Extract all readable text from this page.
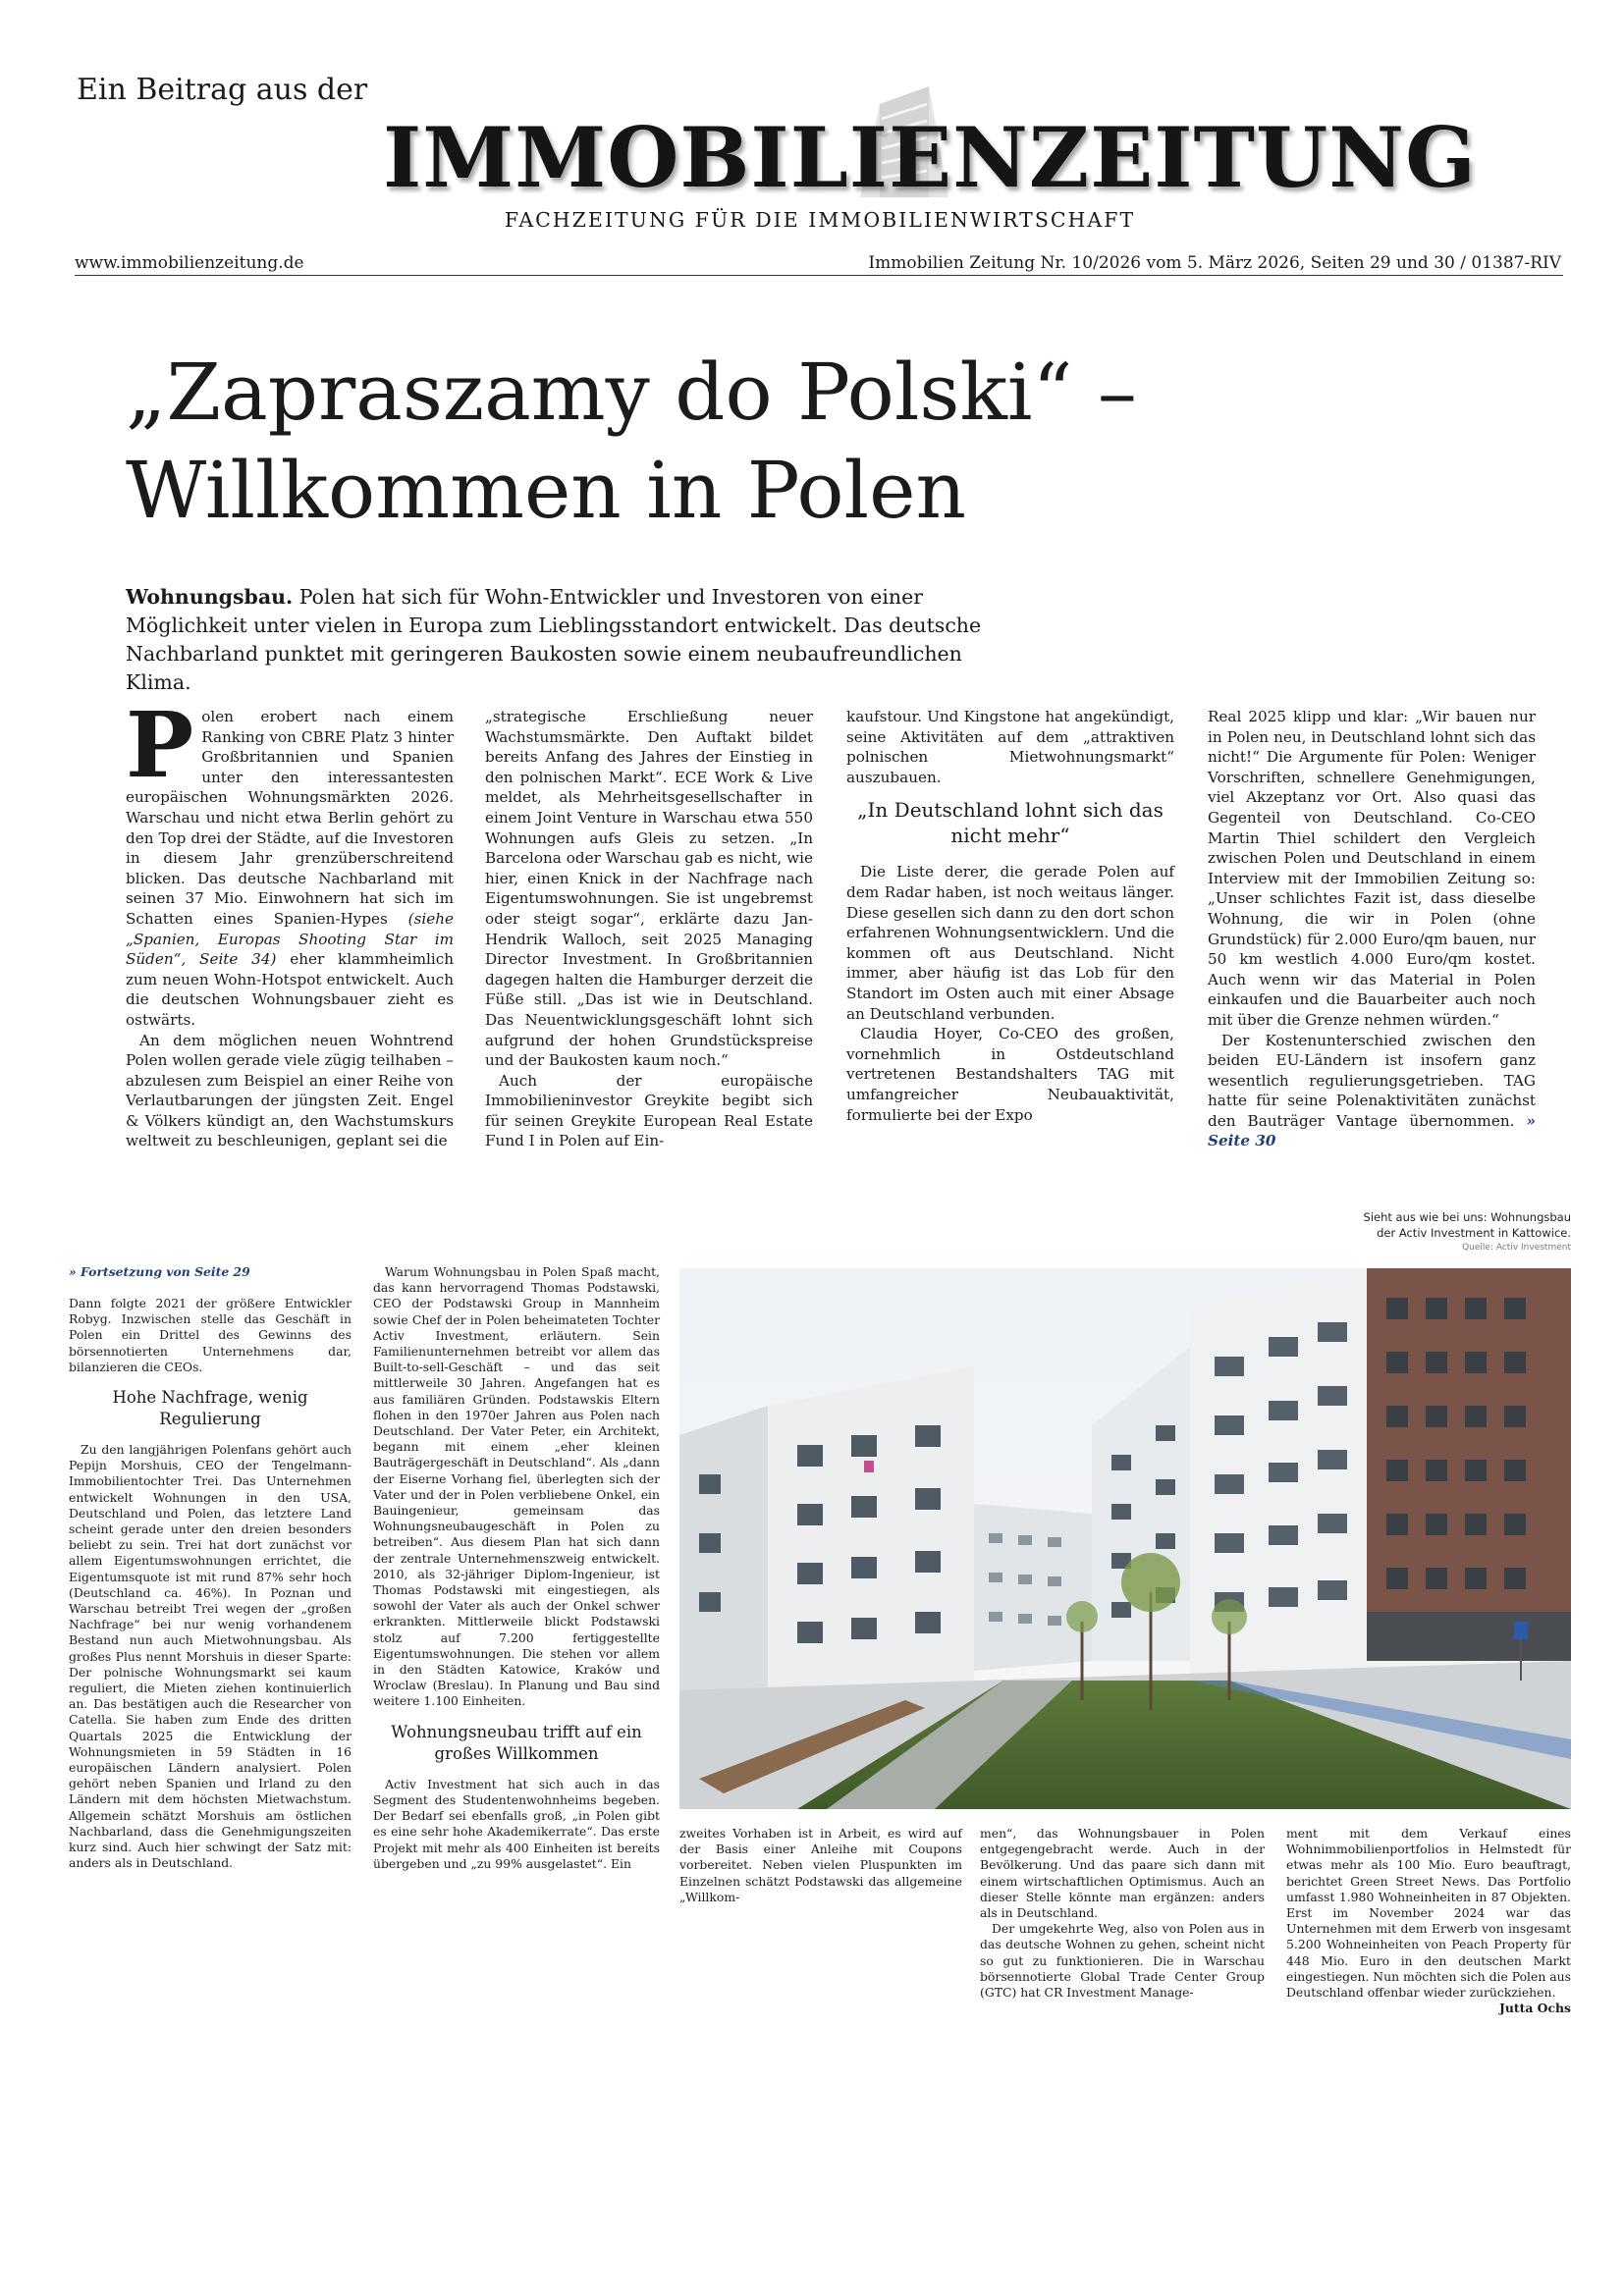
Ein Beitrag aus der
IMMOBILIENZEITUNG
FACHZEITUNG FÜR DIE IMMOBILIENWIRTSCHAFT
www.immobilienzeitung.de	Immobilien Zeitung Nr. 10/2026 vom 5. März 2026, Seiten 29 und 30 / 01387-RIV
„Zapraszamy do Polski“ –
Willkommen in Polen
Wohnungsbau. Polen hat sich für Wohn-Entwickler und Investoren von einer Möglichkeit unter vielen in Europa zum Lieblingsstandort entwickelt. Das deutsche Nachbarland punktet mit geringeren Baukosten sowie einem neubaufreundlichen Klima.

Polen erobert nach einem Ranking von CBRE Platz 3 hinter Großbritannien und Spanien unter den interessantesten europäischen Wohnungsmärkten 2026. Warschau und nicht etwa Berlin gehört zu den Top drei der Städte, auf die Investoren in diesem Jahr grenzüberschreitend blicken. Das deutsche Nachbarland mit seinen 37 Mio. Einwohnern hat sich im Schatten eines Spanien-Hypes (siehe „Spanien, Europas Shooting Star im Süden“, Seite 34) eher klammheimlich zum neuen Wohn-Hotspot entwickelt. Auch die deutschen Wohnungsbauer zieht es ostwärts.

An dem möglichen neuen Wohntrend Polen wollen gerade viele zügig teilhaben – abzulesen zum Beispiel an einer Reihe von Verlautbarungen der jüngsten Zeit. Engel & Völkers kündigt an, den Wachstumskurs weltweit zu beschleunigen, geplant sei die

„strategische Erschließung neuer Wachstumsmärkte. Den Auftakt bildet bereits Anfang des Jahres der Einstieg in den polnischen Markt“. ECE Work & Live meldet, als Mehrheitsgesellschafter in einem Joint Venture in Warschau etwa 550 Wohnungen aufs Gleis zu setzen. „In Barcelona oder Warschau gab es nicht, wie hier, einen Knick in der Nachfrage nach Eigentumswohnungen. Sie ist ungebremst oder steigt sogar“, erklärte dazu Jan-Hendrik Walloch, seit 2025 Managing Director Investment. In Großbritannien dagegen halten die Hamburger derzeit die Füße still. „Das ist wie in Deutschland. Das Neuentwicklungsgeschäft lohnt sich aufgrund der hohen Grundstückspreise und der Baukosten kaum noch.“

Auch der europäische Immobilieninvestor Greykite begibt sich für seinen Greykite European Real Estate Fund I in Polen auf Ein-

kaufstour. Und Kingstone hat angekündigt, seine Aktivitäten auf dem „attraktiven polnischen Mietwohnungsmarkt“ auszubauen.

„In Deutschland lohnt sich das nicht mehr“

Die Liste derer, die gerade Polen auf dem Radar haben, ist noch weitaus länger. Diese gesellen sich dann zu den dort schon erfahrenen Wohnungsentwicklern. Und die kommen oft aus Deutschland. Nicht immer, aber häufig ist das Lob für den Standort im Osten auch mit einer Absage an Deutschland verbunden.

Claudia Hoyer, Co-CEO des großen, vornehmlich in Ostdeutschland vertretenen Bestandshalters TAG mit umfangreicher Neubauaktivität, formulierte bei der Expo

Real 2025 klipp und klar: „Wir bauen nur in Polen neu, in Deutschland lohnt sich das nicht!“ Die Argumente für Polen: Weniger Vorschriften, schnellere Genehmigungen, viel Akzeptanz vor Ort. Also quasi das Gegenteil von Deutschland. Co-CEO Martin Thiel schildert den Vergleich zwischen Polen und Deutschland in einem Interview mit der Immobilien Zeitung so: „Unser schlichtes Fazit ist, dass dieselbe Wohnung, die wir in Polen (ohne Grundstück) für 2.000 Euro/qm bauen, nur 50 km westlich 4.000 Euro/qm kostet. Auch wenn wir das Material in Polen einkaufen und die Bauarbeiter auch noch mit über die Grenze nehmen würden.“

Der Kostenunterschied zwischen den beiden EU-Ländern ist insofern ganz wesentlich regulierungsgetrieben. TAG hatte für seine Polenaktivitäten zunächst den Bauträger Vantage übernommen. » Seite 30

» Fortsetzung von Seite 29

Dann folgte 2021 der größere Entwickler Robyg. Inzwischen stelle das Geschäft in Polen ein Drittel des Gewinns des börsennotierten Unternehmens dar, bilanzieren die CEOs.

Hohe Nachfrage, wenig Regulierung

Zu den langjährigen Polenfans gehört auch Pepijn Morshuis, CEO der Tengelmann-Immobilientochter Trei. Das Unternehmen entwickelt Wohnungen in den USA, Deutschland und Polen, das letztere Land scheint gerade unter den dreien besonders beliebt zu sein. Trei hat dort zunächst vor allem Eigentumswohnungen errichtet, die Eigentumsquote ist mit rund 87% sehr hoch (Deutschland ca. 46%). In Poznan und Warschau betreibt Trei wegen der „großen Nachfrage“ bei nur wenig vorhandenem Bestand nun auch Mietwohnungsbau. Als großes Plus nennt Morshuis in dieser Sparte: Der polnische Wohnungsmarkt sei kaum reguliert, die Mieten ziehen kontinuierlich an. Das bestätigen auch die Researcher von Catella. Sie haben zum Ende des dritten Quartals 2025 die Entwicklung der Wohnungsmieten in 59 Städten in 16 europäischen Ländern analysiert. Polen gehört neben Spanien und Irland zu den Ländern mit dem höchsten Mietwachstum. Allgemein schätzt Morshuis am östlichen Nachbarland, dass die Genehmigungszeiten kurz sind. Auch hier schwingt der Satz mit: anders als in Deutschland.

Warum Wohnungsbau in Polen Spaß macht, das kann hervorragend Thomas Podstawski, CEO der Podstawski Group in Mannheim sowie Chef der in Polen beheimateten Tochter Activ Investment, erläutern. Sein Familienunternehmen betreibt vor allem das Built-to-sell-Geschäft – und das seit mittlerweile 30 Jahren. Angefangen hat es aus familiären Gründen. Podstawskis Eltern flohen in den 1970er Jahren aus Polen nach Deutschland. Der Vater Peter, ein Architekt, begann mit einem „eher kleinen Bauträgergeschäft in Deutschland“. Als „dann der Eiserne Vorhang fiel, überlegten sich der Vater und der in Polen verbliebene Onkel, ein Bauingenieur, gemeinsam das Wohnungsneubaugeschäft in Polen zu betreiben“. Aus diesem Plan hat sich dann der zentrale Unternehmenszweig entwickelt. 2010, als 32-jähriger Diplom-Ingenieur, ist Thomas Podstawski mit eingestiegen, als sowohl der Vater als auch der Onkel schwer erkrankten. Mittlerweile blickt Podstawski stolz auf 7.200 fertiggestellte Eigentumswohnungen. Die stehen vor allem in den Städten Katowice, Kraków und Wroclaw (Breslau). In Planung und Bau sind weitere 1.100 Einheiten.

Wohnungsneubau trifft auf ein großes Willkommen

Activ Investment hat sich auch in das Segment des Studentenwohnheims begeben. Der Bedarf sei ebenfalls groß, „in Polen gibt es eine sehr hohe Akademikerrate“. Das erste Projekt mit mehr als 400 Einheiten ist bereits übergeben und „zu 99% ausgelastet“. Ein

Sieht aus wie bei uns: Wohnungsbau
der Activ Investment in Kattowice.
Quelle: Activ Investment

zweites Vorhaben ist in Arbeit, es wird auf der Basis einer Anleihe mit Coupons vorbereitet. Neben vielen Pluspunkten im Einzelnen schätzt Podstawski das allgemeine „Willkom-

men“, das Wohnungsbauer in Polen entgegengebracht werde. Auch in der Bevölkerung. Und das paare sich dann mit einem wirtschaftlichen Optimismus. Auch an dieser Stelle könnte man ergänzen: anders als in Deutschland.

Der umgekehrte Weg, also von Polen aus in das deutsche Wohnen zu gehen, scheint nicht so gut zu funktionieren. Die in Warschau börsennotierte Global Trade Center Group (GTC) hat CR Investment Manage-

ment mit dem Verkauf eines Wohnimmobilienportfolios in Helmstedt für etwas mehr als 100 Mio. Euro beauftragt, berichtet Green Street News. Das Portfolio umfasst 1.980 Wohneinheiten in 87 Objekten. Erst im November 2024 war das Unternehmen mit dem Erwerb von insgesamt 5.200 Wohneinheiten von Peach Property für 448 Mio. Euro in den deutschen Markt eingestiegen. Nun möchten sich die Polen aus Deutschland offenbar wieder zurückziehen.
Jutta Ochs
